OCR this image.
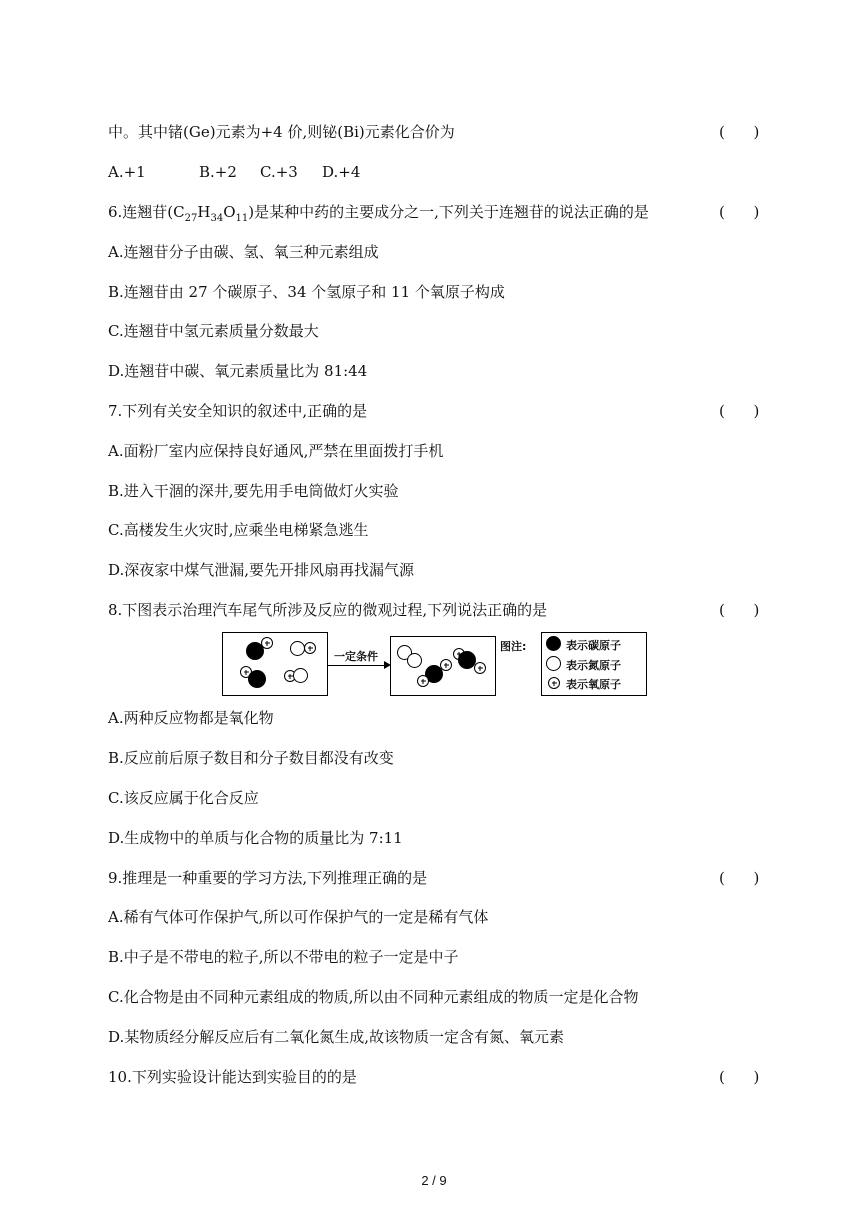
中。其中锗(Ge)元素为+4 价,则铋(Bi)元素化合价为	(      )
A.+1	B.+2 C.+3 D.+4
6.连翘苷$(C_{27}H_{34}O_{11})$是某种中药的主要成分之一,下列关于连翘苷的说法正确的是	(      )
A.连翘苷分子由碳、氢、氧三种元素组成
B.连翘苷由 27 个碳原子、34 个氢原子和 11 个氧原子构成
C.连翘苷中氢元素质量分数最大
D.连翘苷中碳、氧元素质量比为 81:44
7.下列有关安全知识的叙述中,正确的是	(      )
A.面粉厂室内应保持良好通风,严禁在里面拨打手机
B.进入干涸的深井,要先用手电筒做灯火实验
C.高楼发生火灾时,应乘坐电梯紧急逃生
D.深夜家中煤气泄漏,要先开排风扇再找漏气源
8.下图表示治理汽车尾气所涉及反应的微观过程,下列说法正确的是	(      )
一定条件
图注:	表示碳原子
表示氮原子
表示氧原子
A.两种反应物都是氧化物
B.反应前后原子数目和分子数目都没有改变
C.该反应属于化合反应
D.生成物中的单质与化合物的质量比为 7:11
9.推理是一种重要的学习方法,下列推理正确的是	(      )
A.稀有气体可作保护气,所以可作保护气的一定是稀有气体
B.中子是不带电的粒子,所以不带电的粒子一定是中子
C.化合物是由不同种元素组成的物质,所以由不同种元素组成的物质一定是化合物
D.某物质经分解反应后有二氧化氮生成,故该物质一定含有氮、氧元素
10.下列实验设计能达到实验目的的是	(      )
2 / 9
